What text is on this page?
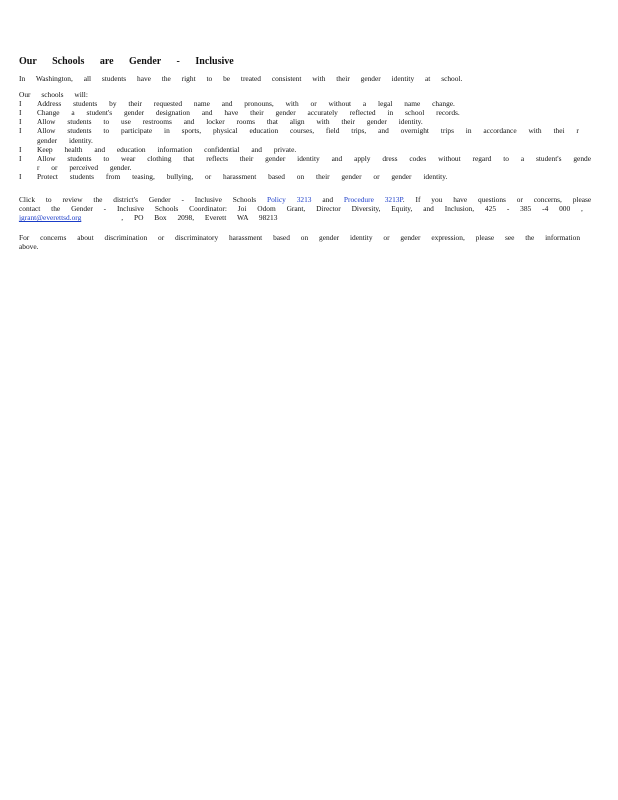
Our Schools are Gender - Inclusive

In Washington, all students have the right to be treated consistent with their gender identity at school.

Our schools will:

I Address students by their requested name and pronouns, with or without a legal name change.
I Change a student's gender designation and have their gender accurately reflected in school records.
I Allow students to use restrooms and locker rooms that align with their gender identity.
I Allow students to participate in sports, physical education courses, field trips, and overnight trips in accordance with thei r gender identity.
I Keep health and education information confidential and private.
I Allow students to wear clothing that reflects their gender identity and apply dress codes without regard to a student's gende r or perceived gender.
I Protect students from teasing, bullying, or harassment based on their gender or gender identity.

Click to review the district's Gender - Inclusive Schools Policy 3213 and Procedure 3213P. If you have questions or concerns, please contact the Gender - Inclusive Schools Coordinator: Joi Odom Grant, Director Diversity, Equity, and Inclusion, 425 - 385 -4 000 , jgrant@everettsd.org	, PO Box 2098, Everett WA 98213

For concerns about discrimination or discriminatory harassment based on gender identity or gender expression, please see the information above.
